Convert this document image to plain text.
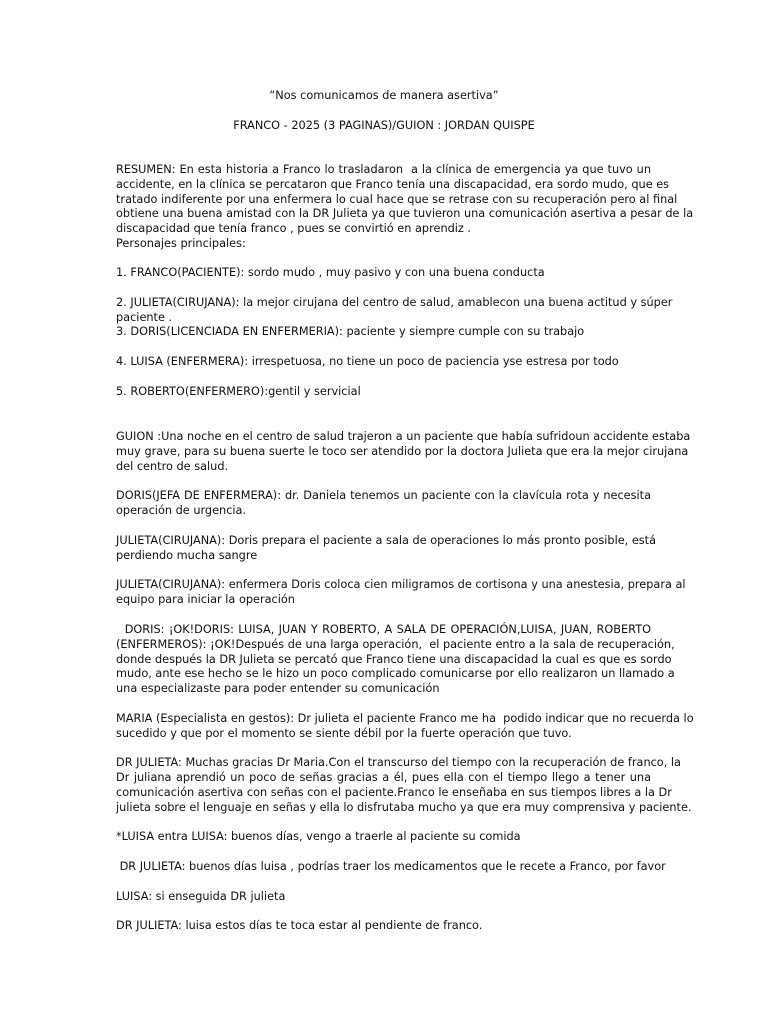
“Nos comunicamos de manera asertiva”
FRANCO - 2025 (3 PAGINAS)/GUION : JORDAN QUISPE
RESUMEN: En esta historia a Franco lo trasladaron  a la clínica de emergencia ya que tuvo un
accidente, en la clínica se percataron que Franco tenía una discapacidad, era sordo mudo, que es
tratado indiferente por una enfermera lo cual hace que se retrase con su recuperación pero al final
obtiene una buena amistad con la DR Julieta ya que tuvieron una comunicación asertiva a pesar de la
discapacidad que tenía franco , pues se convirtió en aprendiz .
Personajes principales:
1. FRANCO(PACIENTE): sordo mudo , muy pasivo y con una buena conducta
2. JULIETA(CIRUJANA): la mejor cirujana del centro de salud, amablecon una buena actitud y súper
paciente .
3. DORIS(LICENCIADA EN ENFERMERIA): paciente y siempre cumple con su trabajo
4. LUISA (ENFERMERA): irrespetuosa, no tiene un poco de paciencia yse estresa por todo
5. ROBERTO(ENFERMERO):gentil y servicial
GUION :Una noche en el centro de salud trajeron a un paciente que había sufridoun accidente estaba
muy grave, para su buena suerte le toco ser atendido por la doctora Julieta que era la mejor cirujana
del centro de salud.
DORIS(JEFA DE ENFERMERA): dr. Daniela tenemos un paciente con la clavícula rota y necesita
operación de urgencia.
JULIETA(CIRUJANA): Doris prepara el paciente a sala de operaciones lo más pronto posible, está
perdiendo mucha sangre
JULIETA(CIRUJANA): enfermera Doris coloca cien miligramos de cortisona y una anestesia, prepara al
equipo para iniciar la operación
DORIS: ¡OK!DORIS: LUISA, JUAN Y ROBERTO, A SALA DE OPERACIÓN,LUISA, JUAN, ROBERTO
(ENFERMEROS): ¡OK!Después de una larga operación,  el paciente entro a la sala de recuperación,
donde después la DR Julieta se percató que Franco tiene una discapacidad la cual es que es sordo
mudo, ante ese hecho se le hizo un poco complicado comunicarse por ello realizaron un llamado a
una especializaste para poder entender su comunicación
MARIA (Especialista en gestos): Dr julieta el paciente Franco me ha  podido indicar que no recuerda lo
sucedido y que por el momento se siente débil por la fuerte operación que tuvo.
DR JULIETA: Muchas gracias Dr Maria.Con el transcurso del tiempo con la recuperación de franco, la
Dr juliana aprendió un poco de señas gracias a él, pues ella con el tiempo llego a tener una
comunicación asertiva con señas con el paciente.Franco le enseñaba en sus tiempos libres a la Dr
julieta sobre el lenguaje en señas y ella lo disfrutaba mucho ya que era muy comprensiva y paciente.
*LUISA entra LUISA: buenos días, vengo a traerle al paciente su comida
DR JULIETA: buenos días luisa , podrías traer los medicamentos que le recete a Franco, por favor
LUISA: si enseguida DR julieta
DR JULIETA: luisa estos días te toca estar al pendiente de franco.
